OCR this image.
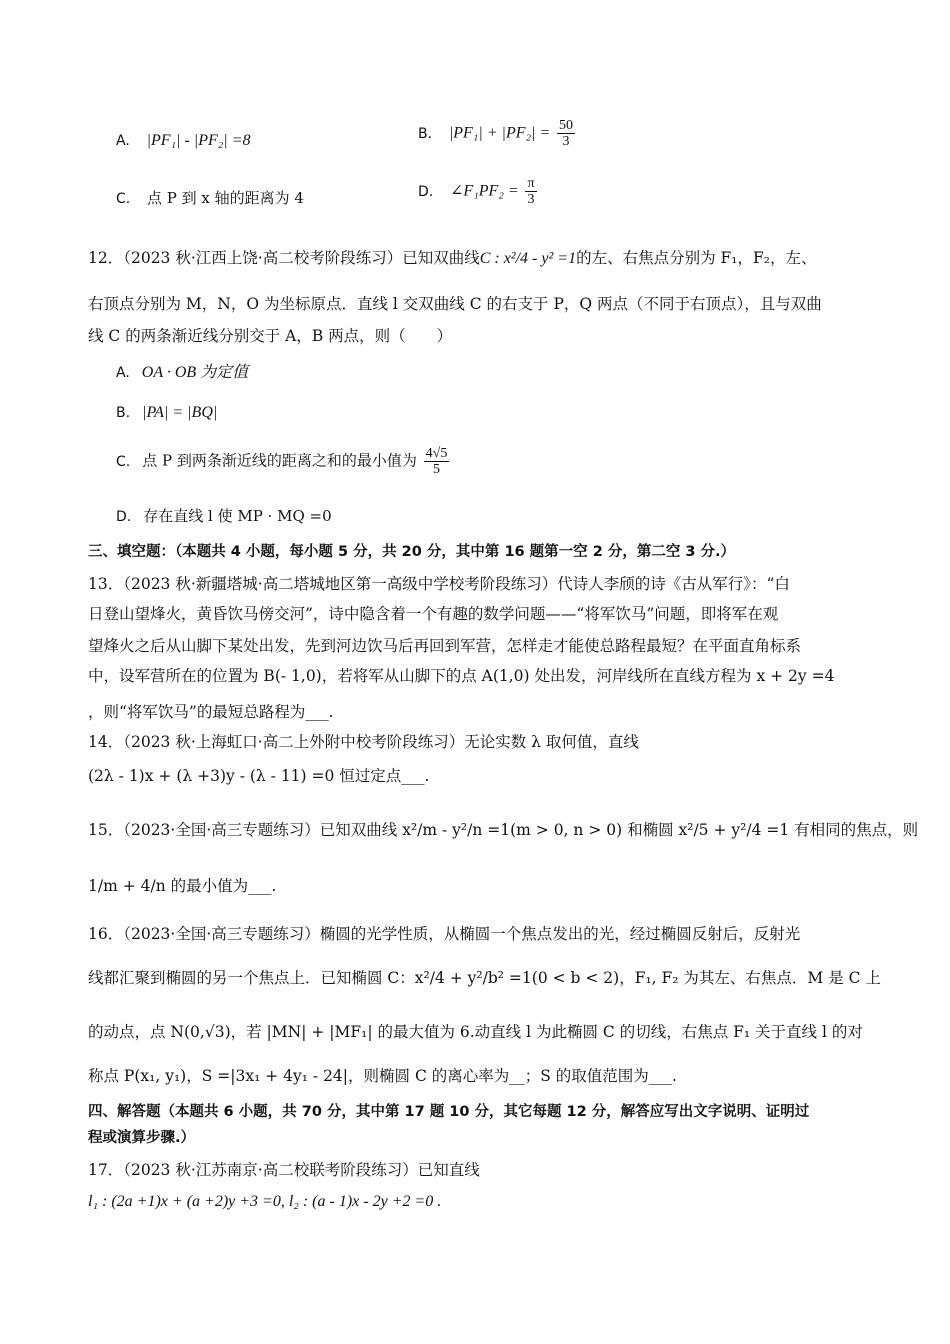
A. |PF₁| - |PF₂| =8	B. $|PF_1| + |PF_2| = \frac{50}{3}$
C. 点 P 到 x 轴的距离为 4	D. ∠F₁PF₂ = $\frac{\pi}{3}$
12．（2023 秋·江西上饶·高二校考阶段练习）已知双曲线C : x²/4 - y² =1的左、右焦点分别为 F₁，F₂，左、
右顶点分别为 M，N，O 为坐标原点．直线 l 交双曲线 C 的右支于 P，Q 两点（不同于右顶点），且与双曲
线 C 的两条渐近线分别交于 A，B 两点，则（　　）
A. OA · OB 为定值
B. |PA| = |BQ|
C. 点 P 到两条渐近线的距离之和的最小值为 $\frac{4√5}{5}$
D. 存在直线 l 使 MP · MQ =0
三、填空题：（本题共 4 小题，每小题 5 分，共 20 分，其中第 16 题第一空 2 分，第二空 3 分.）
13．（2023 秋·新疆塔城·高二塔城地区第一高级中学校考阶段练习）代诗人李颀的诗《古从军行》：“白
日登山望烽火，黄昏饮马傍交河”，诗中隐含着一个有趣的数学问题——“将军饮马”问题，即将军在观
望烽火之后从山脚下某处出发，先到河边饮马后再回到军营，怎样走才能使总路程最短？在平面直角标系
中，设军营所在的位置为 B(- 1,0)，若将军从山脚下的点 A(1,0) 处出发，河岸线所在直线方程为 x + 2y =4
，则“将军饮马”的最短总路程为___.
14．（2023 秋·上海虹口·高二上外附中校考阶段练习）无论实数 λ 取何值，直线
(2λ - 1)x + (λ +3)y - (λ - 11) =0 恒过定点___.
15．（2023·全国·高三专题练习）已知双曲线 x²/m - y²/n =1(m > 0, n > 0) 和椭圆 x²/5 + y²/4 =1 有相同的焦点，则
1/m + 4/n 的最小值为___.
16．（2023·全国·高三专题练习）椭圆的光学性质，从椭圆一个焦点发出的光，经过椭圆反射后，反射光
线都汇聚到椭圆的另一个焦点上．已知椭圆 C：x²/4 + y²/b² =1(0 < b < 2)，F₁, F₂ 为其左、右焦点．M 是 C 上
的动点，点 N(0,√3)，若 |MN| + |MF₁| 的最大值为 6.动直线 l 为此椭圆 C 的切线，右焦点 F₁ 关于直线 l 的对
称点 P(x₁, y₁)，S =|3x₁ + 4y₁ - 24|，则椭圆 C 的离心率为__；S 的取值范围为___.
四、解答题（本题共 6 小题，共 70 分，其中第 17 题 10 分，其它每题 12 分，解答应写出文字说明、证明过
程或演算步骤.）
17．（2023 秋·江苏南京·高二校联考阶段练习）已知直线
l₁ : (2a +1)x + (a +2)y +3 =0, l₂ : (a - 1)x - 2y +2 =0 .
